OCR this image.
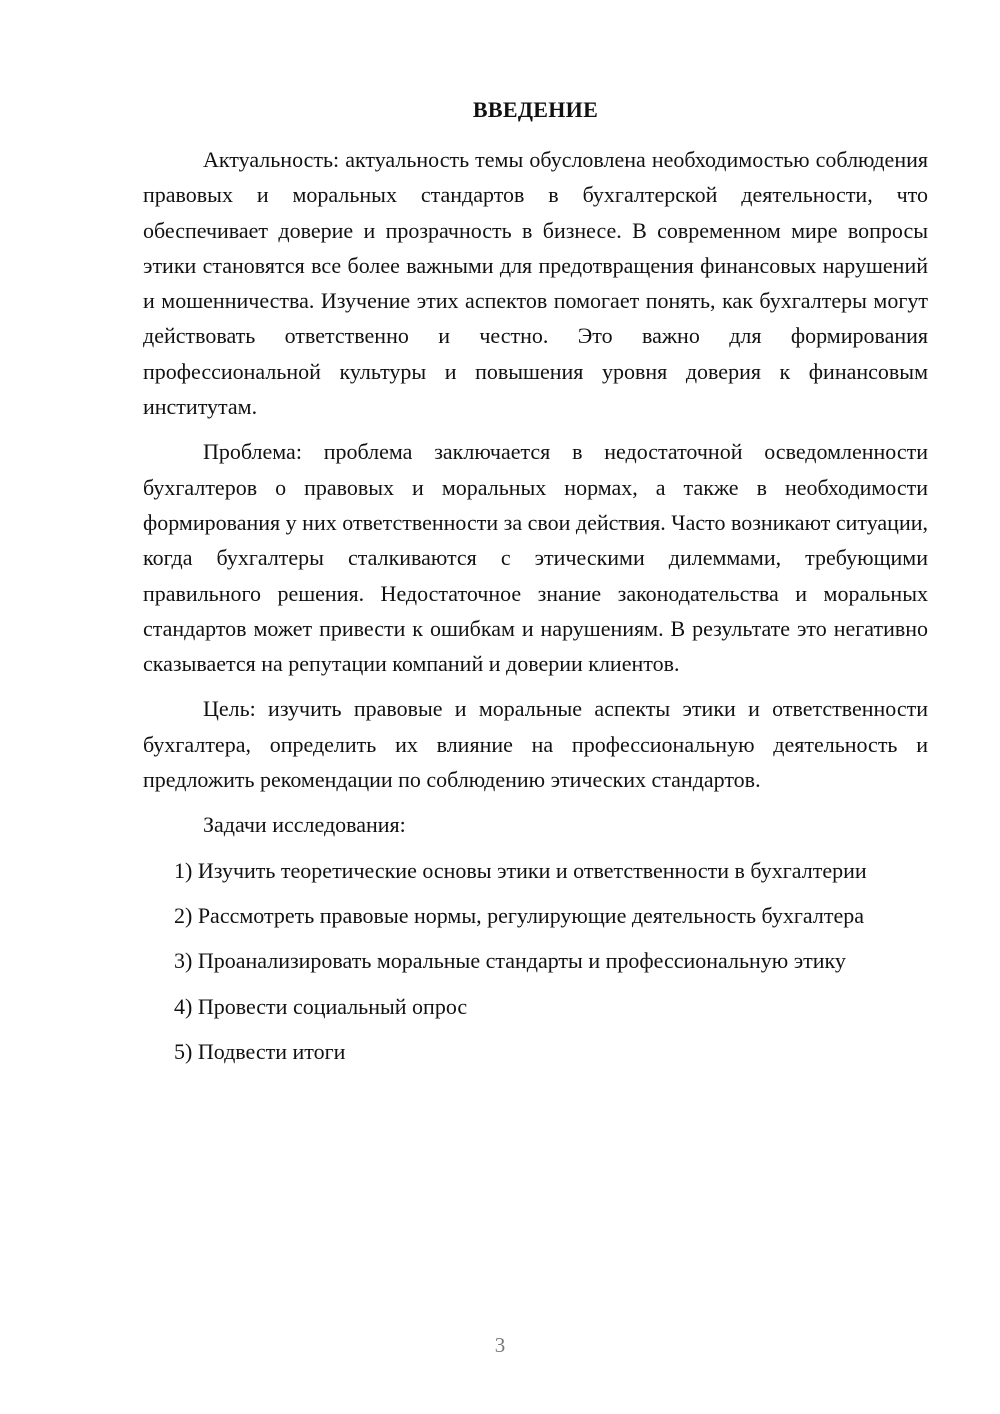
ВВЕДЕНИЕ

Актуальность: актуальность темы обусловлена необходимостью соблюдения правовых и моральных стандартов в бухгалтерской деятельности, что обеспечивает доверие и прозрачность в бизнесе. В современном мире вопросы этики становятся все более важными для предотвращения финансовых нарушений и мошенничества. Изучение этих аспектов помогает понять, как бухгалтеры могут действовать ответственно и честно. Это важно для формирования профессиональной культуры и повышения уровня доверия к финансовым институтам.

Проблема: проблема заключается в недостаточной осведомленности бухгалтеров о правовых и моральных нормах, а также в необходимости формирования у них ответственности за свои действия. Часто возникают ситуации, когда бухгалтеры сталкиваются с этическими дилеммами, требующими правильного решения. Недостаточное знание законодательства и моральных стандартов может привести к ошибкам и нарушениям. В результате это негативно сказывается на репутации компаний и доверии клиентов.

Цель: изучить правовые и моральные аспекты этики и ответственности бухгалтера, определить их влияние на профессиональную деятельность и предложить рекомендации по соблюдению этических стандартов.

Задачи исследования:

1) Изучить теоретические основы этики и ответственности в бухгалтерии

2) Рассмотреть правовые нормы, регулирующие деятельность бухгалтера

3) Проанализировать моральные стандарты и профессиональную этику

4) Провести социальный опрос

5) Подвести итоги

3
